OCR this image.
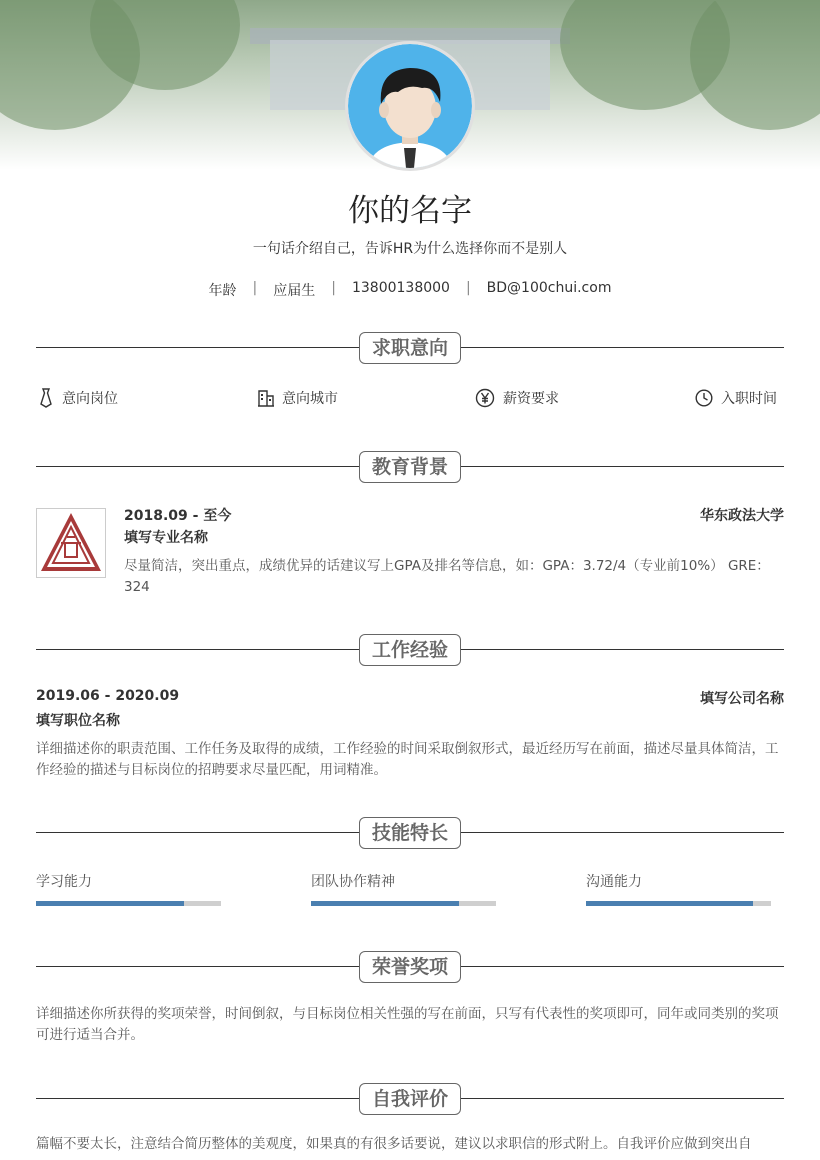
你的名字
一句话介绍自己，告诉HR为什么选择你而不是别人
年龄 | 应届生 | 13800138000 | BD@100chui.com
求职意向
意向岗位	意向城市	薪资要求	入职时间
教育背景
2018.09 - 至今	华东政法大学
填写专业名称
尽量简洁，突出重点，成绩优异的话建议写上GPA及排名等信息，如：GPA：3.72/4（专业前10%） GRE：324
工作经验
2019.06 - 2020.09	填写公司名称
填写职位名称
详细描述你的职责范围、工作任务及取得的成绩，工作经验的时间采取倒叙形式，最近经历写在前面，描述尽量具体简洁，工作经验的描述与目标岗位的招聘要求尽量匹配，用词精准。
技能特长
学习能力	团队协作精神	沟通能力
荣誉奖项
详细描述你所获得的奖项荣誉，时间倒叙，与目标岗位相关性强的写在前面，只写有代表性的奖项即可，同年或同类别的奖项可进行适当合并。
自我评价
篇幅不要太长，注意结合简历整体的美观度，如果真的有很多话要说，建议以求职信的形式附上。自我评价应做到突出自
